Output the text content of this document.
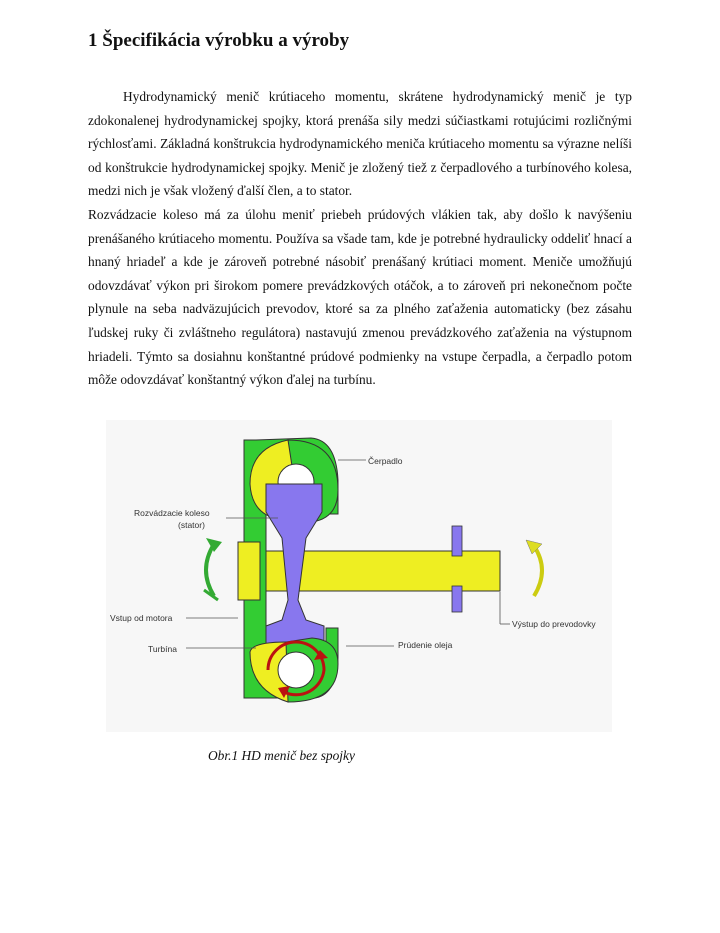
1 Špecifikácia výrobku a výroby

Hydrodynamický menič krútiaceho momentu, skrátene hydrodynamický menič je typ zdokonalenej hydrodynamickej spojky, ktorá prenáša sily medzi súčiastkami rotujúcimi rozličnými rýchlosťami. Základná konštrukcia hydrodynamického meniča krútiaceho momentu sa výrazne nelíši od konštrukcie hydrodynamickej spojky. Menič je zložený tiež z čerpadlového a turbínového kolesa, medzi nich je však vložený ďalší člen, a to stator.

Rozvádzacie koleso má za úlohu meniť priebeh prúdových vlákien tak, aby došlo k navýšeniu prenášaného krútiaceho momentu. Používa sa všade tam, kde je potrebné hydraulicky oddeliť hnací a hnaný hriadeľ a kde je zároveň potrebné násobiť prenášaný krútiaci moment. Meniče umožňujú odovzdávať výkon pri širokom pomere prevádzkových otáčok, a to zároveň pri nekonečnom počte plynule na seba nadväzujúcich prevodov, ktoré sa za plného zaťaženia automaticky (bez zásahu ľudskej ruky či zvláštneho regulátora) nastavujú zmenou prevádzkového zaťaženia na výstupnom hriadeli. Týmto sa dosiahnu konštantné prúdové podmienky na vstupe čerpadla, a čerpadlo potom môže odovzdávať konštantný výkon ďalej na turbínu.

Čerpadlo
Rozvádzacie koleso
(stator)
Vstup od motora
Turbína	Prúdenie oleja
Výstup do prevodovky

Obr.1 HD menič bez spojky
